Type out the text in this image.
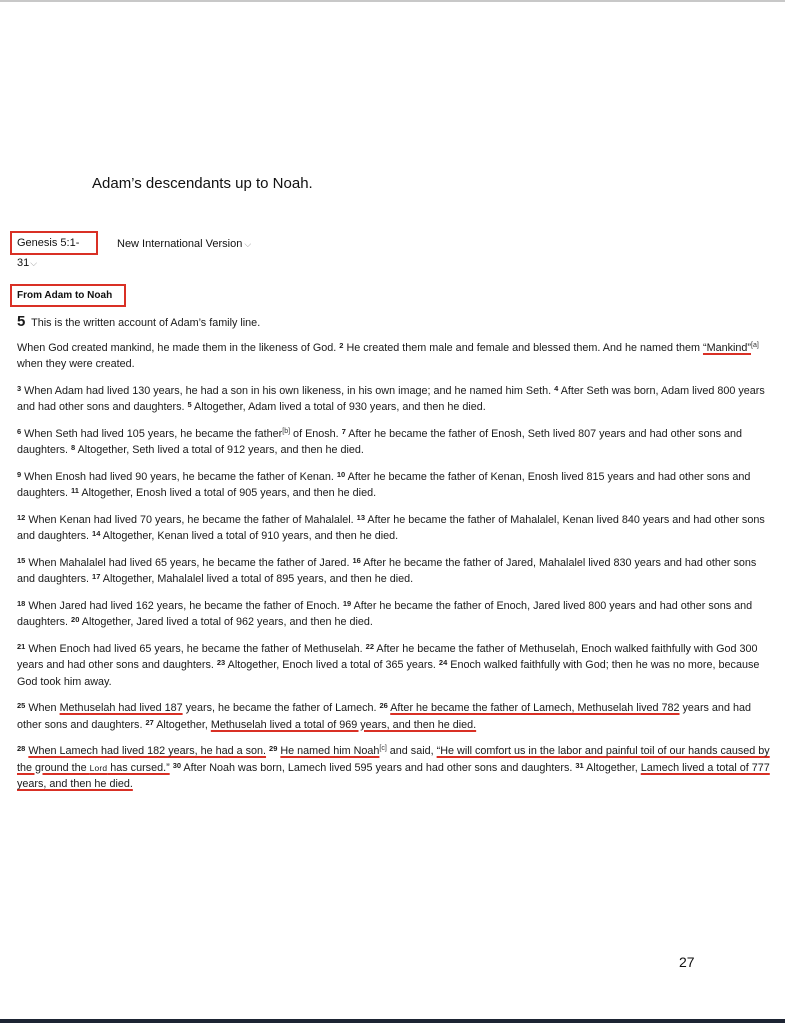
Adam’s descendants up to Noah.
Genesis 5:1-31⌵
New International Version ⌵
From Adam to Noah

5 This is the written account of Adam’s family line.

When God created mankind, he made them in the likeness of God. $^2$ He created them male and female and blessed them. And he named them “Mankind”[a] when they were created.

$^3$ When Adam had lived 130 years, he had a son in his own likeness, in his own image; and he named him Seth. $^4$ After Seth was born, Adam lived 800 years and had other sons and daughters. $^5$ Altogether, Adam lived a total of 930 years, and then he died.

$^6$ When Seth had lived 105 years, he became the father[b] of Enosh. $^7$ After he became the father of Enosh, Seth lived 807 years and had other sons and daughters. $^8$ Altogether, Seth lived a total of 912 years, and then he died.

$^9$ When Enosh had lived 90 years, he became the father of Kenan. $^{10}$ After he became the father of Kenan, Enosh lived 815 years and had other sons and daughters. $^{11}$ Altogether, Enosh lived a total of 905 years, and then he died.

$^{12}$ When Kenan had lived 70 years, he became the father of Mahalalel. $^{13}$ After he became the father of Mahalalel, Kenan lived 840 years and had other sons and daughters. $^{14}$ Altogether, Kenan lived a total of 910 years, and then he died.

$^{15}$ When Mahalalel had lived 65 years, he became the father of Jared. $^{16}$ After he became the father of Jared, Mahalalel lived 830 years and had other sons and daughters. $^{17}$ Altogether, Mahalalel lived a total of 895 years, and then he died.

$^{18}$ When Jared had lived 162 years, he became the father of Enoch. $^{19}$ After he became the father of Enoch, Jared lived 800 years and had other sons and daughters. $^{20}$ Altogether, Jared lived a total of 962 years, and then he died.

$^{21}$ When Enoch had lived 65 years, he became the father of Methuselah. $^{22}$ After he became the father of Methuselah, Enoch walked faithfully with God 300 years and had other sons and daughters. $^{23}$ Altogether, Enoch lived a total of 365 years. $^{24}$ Enoch walked faithfully with God; then he was no more, because God took him away.

$^{25}$ When Methuselah had lived 187 years, he became the father of Lamech. $^{26}$ After he became the father of Lamech, Methuselah lived 782 years and had other sons and daughters. $^{27}$ Altogether, Methuselah lived a total of 969 years, and then he died.

$^{28}$ When Lamech had lived 182 years, he had a son. $^{29}$ He named him Noah[c] and said, “He will comfort us in the labor and painful toil of our hands caused by the ground the Lord has cursed.” $^{30}$ After Noah was born, Lamech lived 595 years and had other sons and daughters. $^{31}$ Altogether, Lamech lived a total of 777 years, and then he died.

27
